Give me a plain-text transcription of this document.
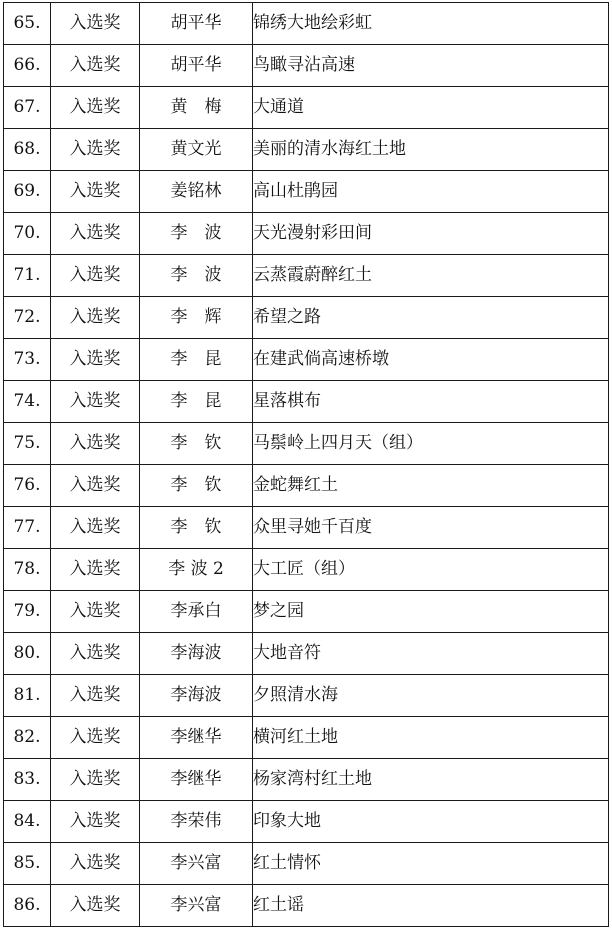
65.	入选奖	胡平华	锦绣大地绘彩虹
66.	入选奖	胡平华	鸟瞰寻沾高速
67.	入选奖	黄　梅	大通道
68.	入选奖	黄文光	美丽的清水海红土地
69.	入选奖	姜铭林	高山杜鹃园
70.	入选奖	李　波	天光漫射彩田间
71.	入选奖	李　波	云蒸霞蔚醉红土
72.	入选奖	李　辉	希望之路
73.	入选奖	李　昆	在建武倘高速桥墩
74.	入选奖	李　昆	星落棋布
75.	入选奖	李　钦	马鬃岭上四月天（组）
76.	入选奖	李　钦	金蛇舞红土
77.	入选奖	李　钦	众里寻她千百度
78.	入选奖	李 波 2	大工匠（组）
79.	入选奖	李承白	梦之园
80.	入选奖	李海波	大地音符
81.	入选奖	李海波	夕照清水海
82.	入选奖	李继华	横河红土地
83.	入选奖	李继华	杨家湾村红土地
84.	入选奖	李荣伟	印象大地
85.	入选奖	李兴富	红土情怀
86.	入选奖	李兴富	红土谣
